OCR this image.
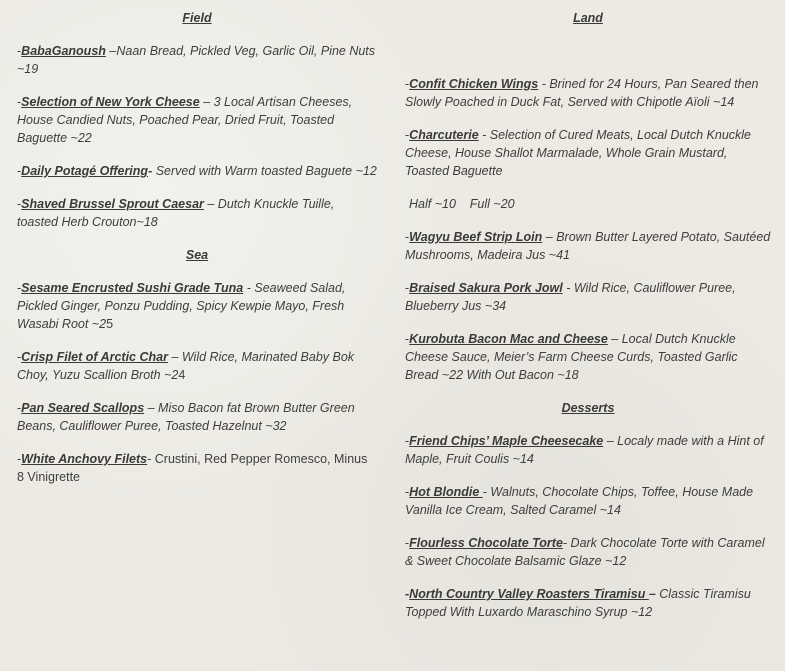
Field

-BabaGanoush –Naan Bread, Pickled Veg, Garlic Oil, Pine Nuts ~19

-Selection of New York Cheese – 3 Local Artisan Cheeses, House Candied Nuts, Poached Pear, Dried Fruit, Toasted Baguette ~22

-Daily Potagé Offering- Served with Warm toasted Baguete ~12

-Shaved Brussel Sprout Caesar – Dutch Knuckle Tuille, toasted Herb Crouton~18

Sea

-Sesame Encrusted Sushi Grade Tuna - Seaweed Salad, Pickled Ginger, Ponzu Pudding, Spicy Kewpie Mayo, Fresh Wasabi Root ~25

-Crisp Filet of Arctic Char – Wild Rice, Marinated Baby Bok Choy, Yuzu Scallion Broth ~24

-Pan Seared Scallops – Miso Bacon fat Brown Butter Green Beans, Cauliflower Puree, Toasted Hazelnut ~32

-White Anchovy Filets- Crustini, Red Pepper Romesco, Minus 8 Vinigrette

Land

-Confit Chicken Wings - Brined for 24 Hours, Pan Seared then Slowly Poached in Duck Fat, Served with Chipotle Aïoli ~14

-Charcuterie - Selection of Cured Meats, Local Dutch Knuckle Cheese, House Shallot Marmalade, Whole Grain Mustard, Toasted Baguette

Half ~10    Full ~20

-Wagyu Beef Strip Loin – Brown Butter Layered Potato, Sautéed Mushrooms, Madeira Jus ~41

-Braised Sakura Pork Jowl - Wild Rice, Cauliflower Puree, Blueberry Jus ~34

-Kurobuta Bacon Mac and Cheese – Local Dutch Knuckle Cheese Sauce, Meier’s Farm Cheese Curds, Toasted Garlic Bread ~22 With Out Bacon ~18

Desserts

-Friend Chips’ Maple Cheesecake – Localy made with a Hint of Maple, Fruit Coulis ~14

-Hot Blondie - Walnuts, Chocolate Chips, Toffee, House Made Vanilla Ice Cream, Salted Caramel ~14

-Flourless Chocolate Torte- Dark Chocolate Torte with Caramel & Sweet Chocolate Balsamic Glaze ~12

-North Country Valley Roasters Tiramisu – Classic Tiramisu Topped With Luxardo Maraschino Syrup ~12
